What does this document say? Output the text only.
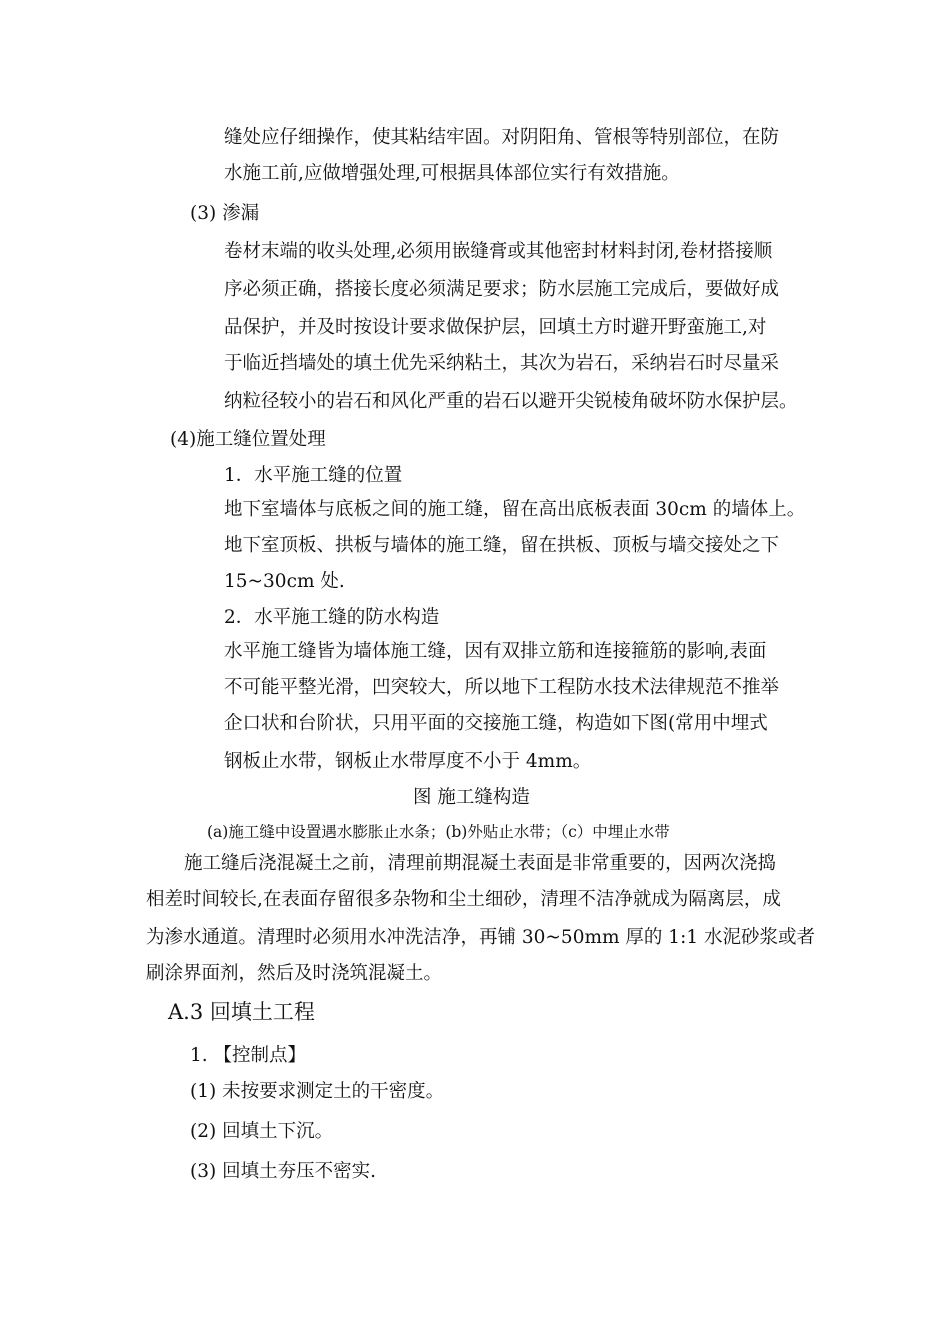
缝处应仔细操作，使其粘结牢固。对阴阳角、管根等特别部位，在防
水施工前,应做增强处理,可根据具体部位实行有效措施。
(3) 渗漏
卷材末端的收头处理,必须用嵌缝膏或其他密封材料封闭,卷材搭接顺
序必须正确，搭接长度必须满足要求；防水层施工完成后，要做好成
品保护，并及时按设计要求做保护层，回填土方时避开野蛮施工,对
于临近挡墙处的填土优先采纳粘土，其次为岩石，采纳岩石时尽量采
纳粒径较小的岩石和风化严重的岩石以避开尖锐棱角破坏防水保护层。
(4)施工缝位置处理
1．水平施工缝的位置
地下室墙体与底板之间的施工缝，留在高出底板表面 30cm 的墙体上。
地下室顶板、拱板与墙体的施工缝，留在拱板、顶板与墙交接处之下
15~30cm 处.
2．水平施工缝的防水构造
水平施工缝皆为墙体施工缝，因有双排立筋和连接箍筋的影响,表面
不可能平整光滑，凹突较大，所以地下工程防水技术法律规范不推举
企口状和台阶状，只用平面的交接施工缝，构造如下图(常用中埋式
钢板止水带，钢板止水带厚度不小于 4mm。
图 施工缝构造
(a)施工缝中设置遇水膨胀止水条；(b)外贴止水带；（c）中埋止水带
施工缝后浇混凝土之前，清理前期混凝土表面是非常重要的，因两次浇捣
相差时间较长,在表面存留很多杂物和尘土细砂，清理不洁净就成为隔离层，成
为渗水通道。清理时必须用水冲洗洁净，再铺 30~50mm 厚的 1:1 水泥砂浆或者
刷涂界面剂，然后及时浇筑混凝土。
A.3 回填土工程
1. 【控制点】
(1) 未按要求测定土的干密度。
(2) 回填土下沉。
(3) 回填土夯压不密实.
